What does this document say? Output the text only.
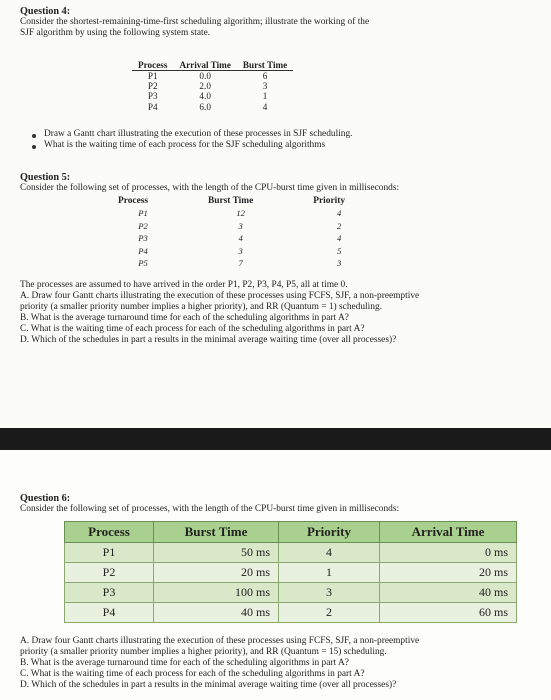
Question 4:
Consider the shortest-remaining-time-first scheduling algorithm; illustrate the working of the
SJF algorithm by using the following system state.
Process	Arrival Time	Burst Time
P1	0.0	6
P2	2.0	3
P3	4.0	1
P4	6.0	4
Draw a Gantt chart illustrating the execution of these processes in SJF scheduling.
What is the waiting time of each process for the SJF scheduling algorithms
Question 5:
Consider the following set of processes, with the length of the CPU-burst time given in milliseconds:
Process	Burst Time	Priority
P1	12	4
P2	3	2
P3	4	4
P4	3	5
P5	7	3
The processes are assumed to have arrived in the order P1, P2, P3, P4, P5, all at time 0.
A. Draw four Gantt charts illustrating the execution of these processes using FCFS, SJF, a non-preemptive
priority (a smaller priority number implies a higher priority), and RR (Quantum = 1) scheduling.
B. What is the average turnaround time for each of the scheduling algorithms in part A?
C. What is the waiting time of each process for each of the scheduling algorithms in part A?
D. Which of the schedules in part a results in the minimal average waiting time (over all processes)?
Question 6:
Consider the following set of processes, with the length of the CPU-burst time given in milliseconds:
Process	Burst Time	Priority	Arrival Time
P1	50 ms	4	0 ms
P2	20 ms	1	20 ms
P3	100 ms	3	40 ms
P4	40 ms	2	60 ms
A. Draw four Gantt charts illustrating the execution of these processes using FCFS, SJF, a non-preemptive
priority (a smaller priority number implies a higher priority), and RR (Quantum = 15) scheduling.
B. What is the average turnaround time for each of the scheduling algorithms in part A?
C. What is the waiting time of each process for each of the scheduling algorithms in part A?
D. Which of the schedules in part a results in the minimal average waiting time (over all processes)?
